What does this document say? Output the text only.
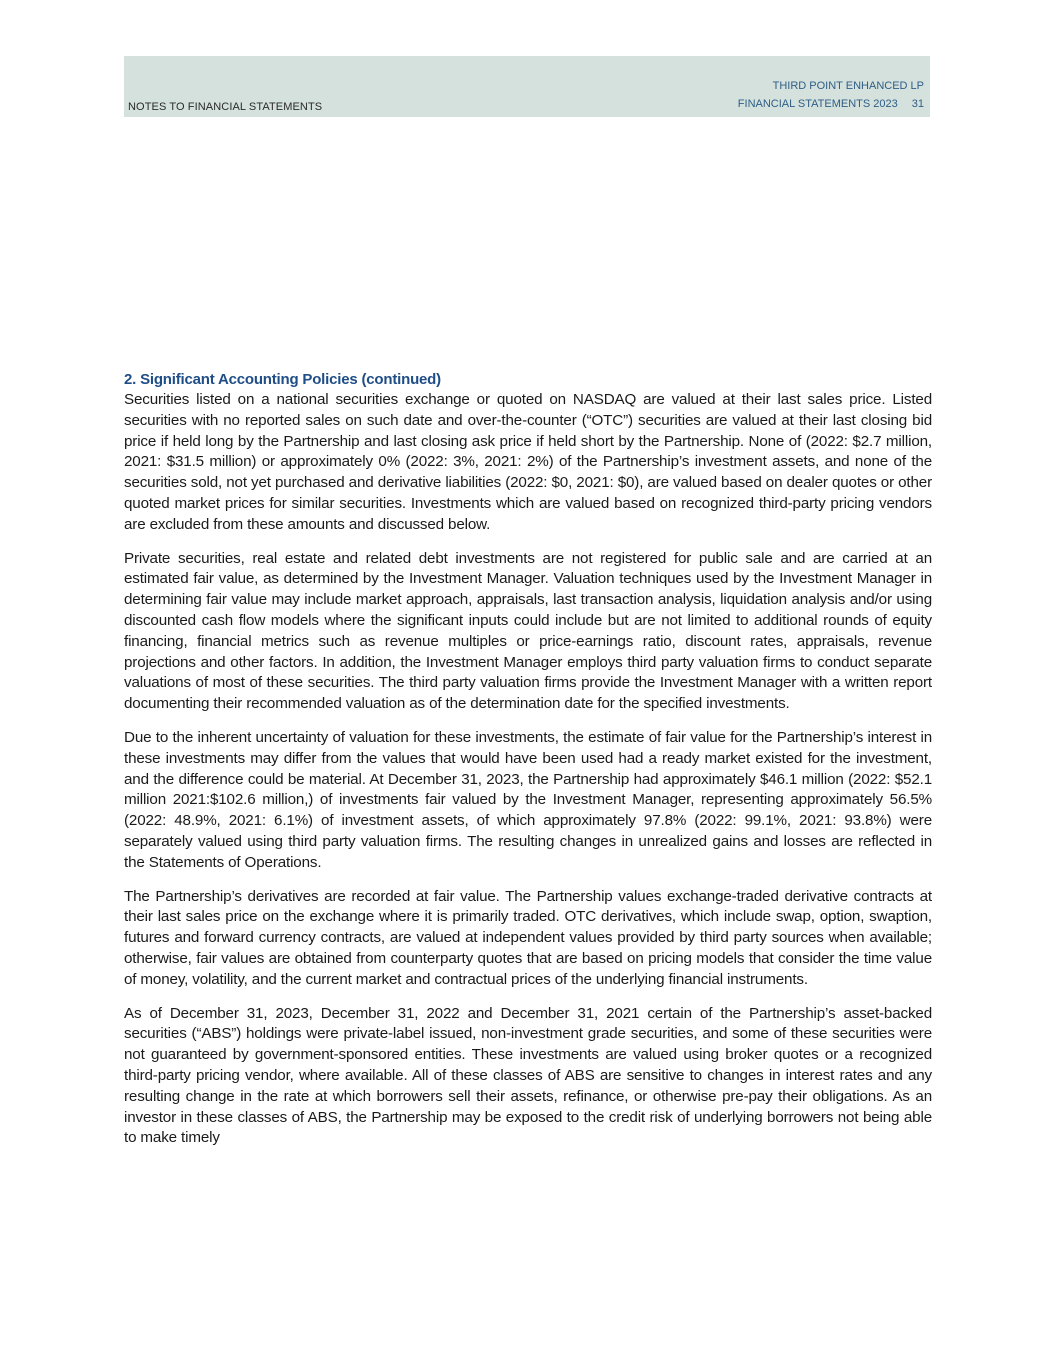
NOTES TO FINANCIAL STATEMENTS
THIRD POINT ENHANCED LP
FINANCIAL STATEMENTS 2023 31
2. Significant Accounting Policies (continued)

Securities listed on a national securities exchange or quoted on NASDAQ are valued at their last sales price. Listed securities with no reported sales on such date and over-the-counter (“OTC”) securities are valued at their last closing bid price if held long by the Partnership and last closing ask price if held short by the Partnership. None of (2022: $2.7 million, 2021: $31.5 million) or approximately 0% (2022: 3%, 2021: 2%) of the Partnership’s investment assets, and none of the securities sold, not yet purchased and derivative liabilities (2022: $0, 2021: $0), are valued based on dealer quotes or other quoted market prices for similar securities. Investments which are valued based on recognized third-party pricing vendors are excluded from these amounts and discussed below.

Private securities, real estate and related debt investments are not registered for public sale and are carried at an estimated fair value, as determined by the Investment Manager. Valuation techniques used by the Investment Manager in determining fair value may include market approach, appraisals, last transaction analysis, liquidation analysis and/or using discounted cash flow models where the significant inputs could include but are not limited to additional rounds of equity financing, financial metrics such as revenue multiples or price-earnings ratio, discount rates, appraisals, revenue projections and other factors. In addition, the Investment Manager employs third party valuation firms to conduct separate valuations of most of these securities. The third party valuation firms provide the Investment Manager with a written report documenting their recommended valuation as of the determination date for the specified investments.

Due to the inherent uncertainty of valuation for these investments, the estimate of fair value for the Partnership’s interest in these investments may differ from the values that would have been used had a ready market existed for the investment, and the difference could be material. At December 31, 2023, the Partnership had approximately $46.1 million (2022: $52.1 million 2021:$102.6 million,) of investments fair valued by the Investment Manager, representing approximately 56.5% (2022: 48.9%, 2021: 6.1%) of investment assets, of which approximately 97.8% (2022: 99.1%, 2021: 93.8%) were separately valued using third party valuation firms. The resulting changes in unrealized gains and losses are reflected in the Statements of Operations.

The Partnership’s derivatives are recorded at fair value. The Partnership values exchange-traded derivative contracts at their last sales price on the exchange where it is primarily traded. OTC derivatives, which include swap, option, swaption, futures and forward currency contracts, are valued at independent values provided by third party sources when available; otherwise, fair values are obtained from counterparty quotes that are based on pricing models that consider the time value of money, volatility, and the current market and contractual prices of the underlying financial instruments.

As of December 31, 2023, December 31, 2022 and December 31, 2021 certain of the Partnership’s asset-backed securities (“ABS”) holdings were private-label issued, non-investment grade securities, and some of these securities were not guaranteed by government-sponsored entities. These investments are valued using broker quotes or a recognized third-party pricing vendor, where available. All of these classes of ABS are sensitive to changes in interest rates and any resulting change in the rate at which borrowers sell their assets, refinance, or otherwise pre-pay their obligations. As an investor in these classes of ABS, the Partnership may be exposed to the credit risk of underlying borrowers not being able to make timely
